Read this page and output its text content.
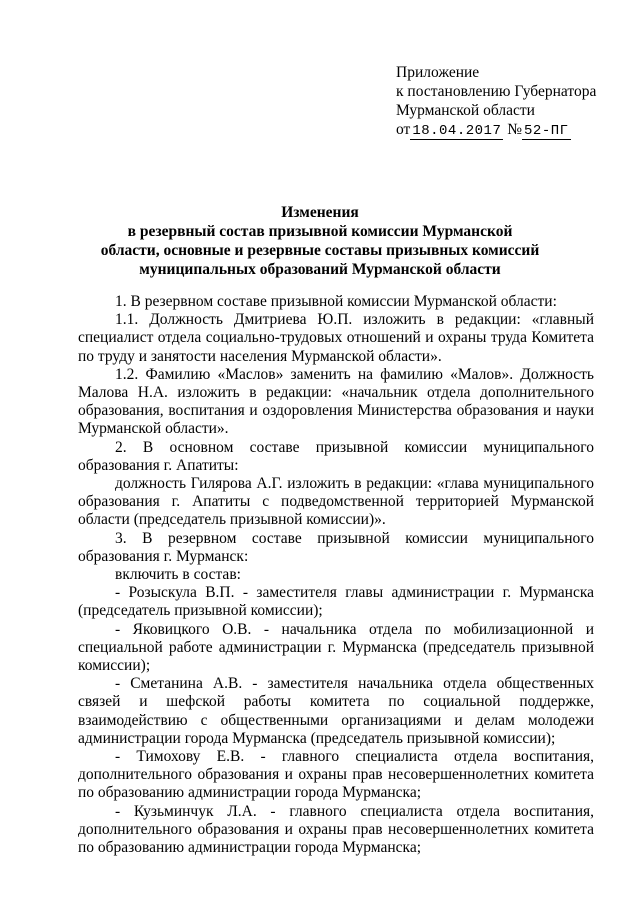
Приложение
к постановлению Губернатора
Мурманской области
от 18.04.2017 № 52-ПГ
Изменения
в резервный состав призывной комиссии Мурманской
области, основные и резервные составы призывных комиссий
муниципальных образований Мурманской области

1. В резервном составе призывной комиссии Мурманской области:

1.1. Должность Дмитриева Ю.П. изложить в редакции: «главный специалист отдела социально-трудовых отношений и охраны труда Комитета по труду и занятости населения Мурманской области».

1.2. Фамилию «Маслов» заменить на фамилию «Малов». Должность Малова Н.А. изложить в редакции: «начальник отдела дополнительного образования, воспитания и оздоровления Министерства образования и науки Мурманской области».

2. В основном составе призывной комиссии муниципального образования г. Апатиты:

должность Гилярова А.Г. изложить в редакции: «глава муниципального образования г. Апатиты с подведомственной территорией Мурманской области (председатель призывной комиссии)».

3. В резервном составе призывной комиссии муниципального образования г. Мурманск:

включить в состав:

- Розыскула В.П. - заместителя главы администрации г. Мурманска (председатель призывной комиссии);

- Яковицкого О.В. - начальника отдела по мобилизационной и специальной работе администрации г. Мурманска (председатель призывной комиссии);

- Сметанина А.В. - заместителя начальника отдела общественных связей и шефской работы комитета по социальной поддержке, взаимодействию с общественными организациями и делам молодежи администрации города Мурманска (председатель призывной комиссии);

- Тимохову Е.В. - главного специалиста отдела воспитания, дополнительного образования и охраны прав несовершеннолетних комитета по образованию администрации города Мурманска;

- Кузьминчук Л.А. - главного специалиста отдела воспитания, дополнительного образования и охраны прав несовершеннолетних комитета по образованию администрации города Мурманска;
